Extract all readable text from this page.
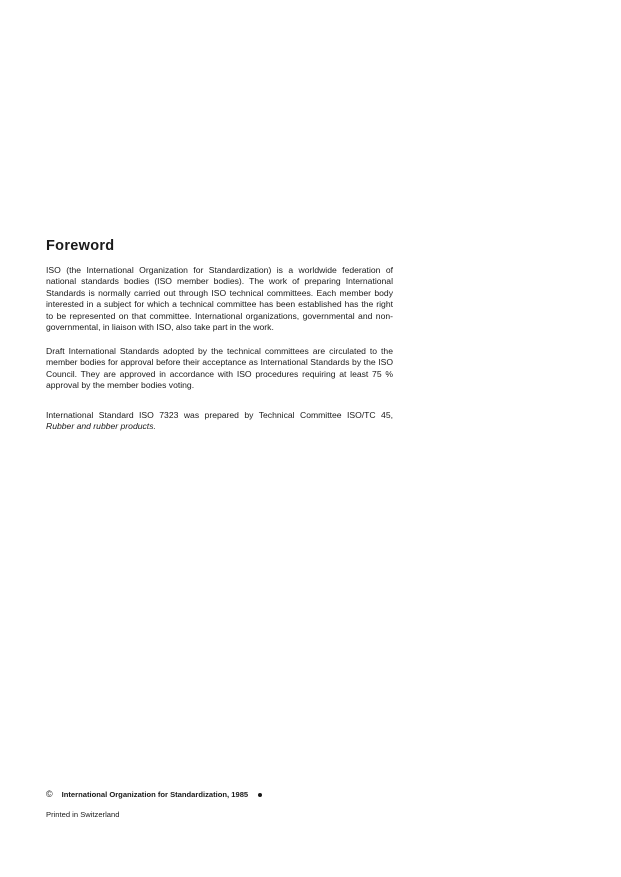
Foreword
ISO (the International Organization for Standardization) is a worldwide federation of national standards bodies (ISO member bodies). The work of preparing International Standards is normally carried out through ISO technical committees. Each member body interested in a subject for which a technical committee has been established has the right to be represented on that committee. International organizations, governmental and non-governmental, in liaison with ISO, also take part in the work.
Draft International Standards adopted by the technical committees are circulated to the member bodies for approval before their acceptance as International Standards by the ISO Council. They are approved in accordance with ISO procedures requiring at least 75 % approval by the member bodies voting.
International Standard ISO 7323 was prepared by Technical Committee ISO/TC 45, Rubber and rubber products.
© International Organization for Standardization, 1985
Printed in Switzerland
